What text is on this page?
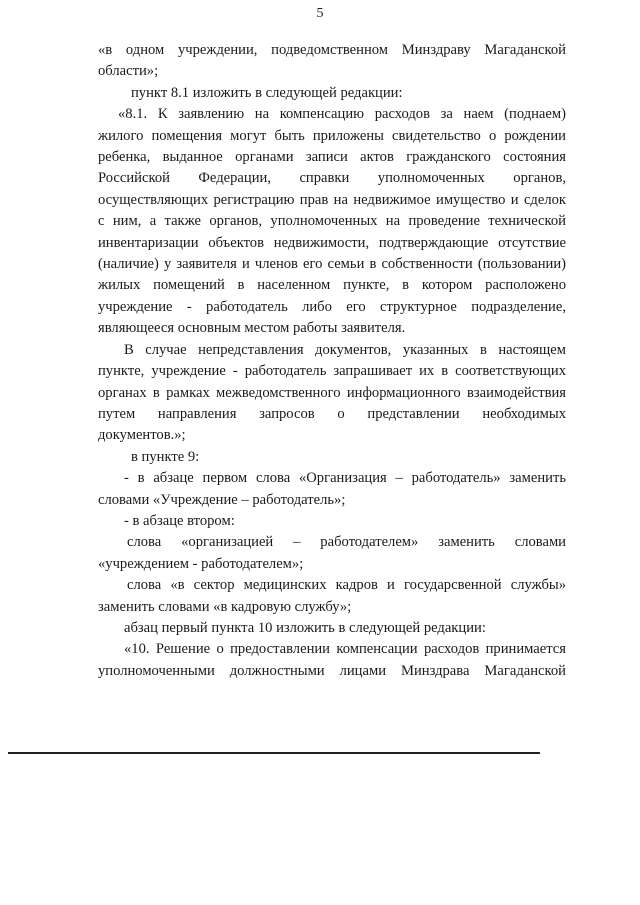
5

«в одном учреждении, подведомственном Минздраву Магаданской

области»;

пункт 8.1 изложить в следующей редакции:

«8.1. К заявлению на компенсацию расходов за наем (поднаем)

жилого помещения могут быть приложены свидетельство о рождении

ребенка, выданное органами записи актов гражданского состояния

Российской Федерации, справки уполномоченных органов,

осуществляющих регистрацию прав на недвижимое имущество и сделок

с ним, а также органов, уполномоченных на проведение технической

инвентаризации объектов недвижимости, подтверждающие отсутствие

(наличие) у заявителя и членов его семьи в собственности (пользовании)

жилых помещений в населенном пункте, в котором расположено

учреждение - работодатель либо его структурное подразделение,

являющееся основным местом работы заявителя.

В случае непредставления документов, указанных в настоящем

пункте, учреждение - работодатель запрашивает их в соответствующих

органах в рамках межведомственного информационного взаимодействия

путем направления запросов о представлении необходимых

документов.»;

в пункте 9:

- в абзаце первом слова «Организация – работодатель» заменить

словами «Учреждение – работодатель»;

- в абзаце втором:

слова «организацией – работодателем» заменить словами

«учреждением - работодателем»;

слова «в сектор медицинских кадров и государсвенной службы»

заменить словами «в кадровую службу»;

абзац первый пункта 10 изложить в следующей редакции:

«10. Решение о предоставлении компенсации расходов принимается

уполномоченными должностными лицами Минздрава Магаданской
